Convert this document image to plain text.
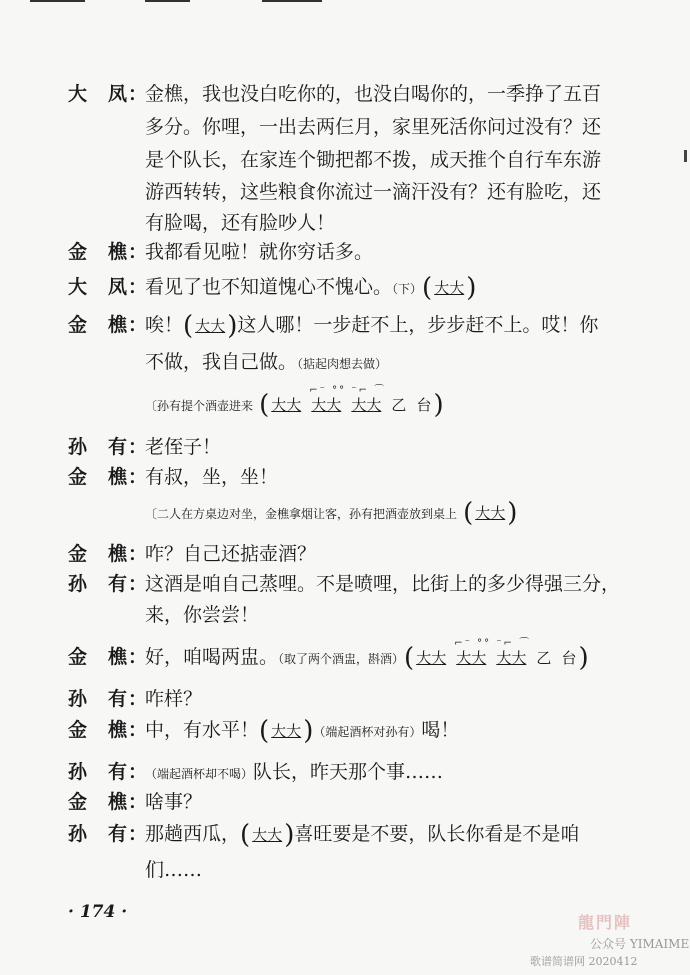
大　凤：
金樵，我也没白吃你的，也没白喝你的，一季挣了五百
多分。你哩，一出去两仨月，家里死活你问过没有？还
是个队长，在家连个锄把都不拨，成天推个自行车东游
游西转转，这些粮食你流过一滴汗没有？还有脸吃，还
有脸喝，还有脸吵人！
金　樵：
我都看见啦！就你穷话多。
大　凤：
看见了也不知道愧心不愧心。（下）( 大大)
金　樵：
唉！( 大大)这人哪！一步赶不上，步步赶不上。哎！你
不做，我自己做。（掂起肉想去做）
〔孙有提个酒壶进来 ( 大大
⌐⁻ °° ⁻⌐ ⌒
大大 大大 乙 台)
孙　有：
老侄子！
金　樵：
有叔，坐，坐！
〔二人在方桌边对坐，金樵拿烟让客，孙有把酒壶放到桌上 ( 大大)
金　樵：
咋？自己还掂壶酒？
孙　有：
这酒是咱自己蒸哩。不是喷哩，比街上的多少得强三分，
来，你尝尝！
金　樵：
好，咱喝两盅。（取了两个酒盅，斟酒）( 大大
⌐⁻ °° ⁻⌐ ⌒
大大 大大 乙 台)
孙　有：
咋样？
金　樵：
中，有水平！( 大大)（端起酒杯对孙有）喝！
孙　有：
（端起酒杯却不喝）队长，昨天那个事……
金　樵：
啥事？
孙　有：
那趟西瓜，( 大大)喜旺要是不要，队长你看是不是咱
们……
· 174 ·
龍門陣
公众号 YIMAIME
歌谱简谱网 2020412
